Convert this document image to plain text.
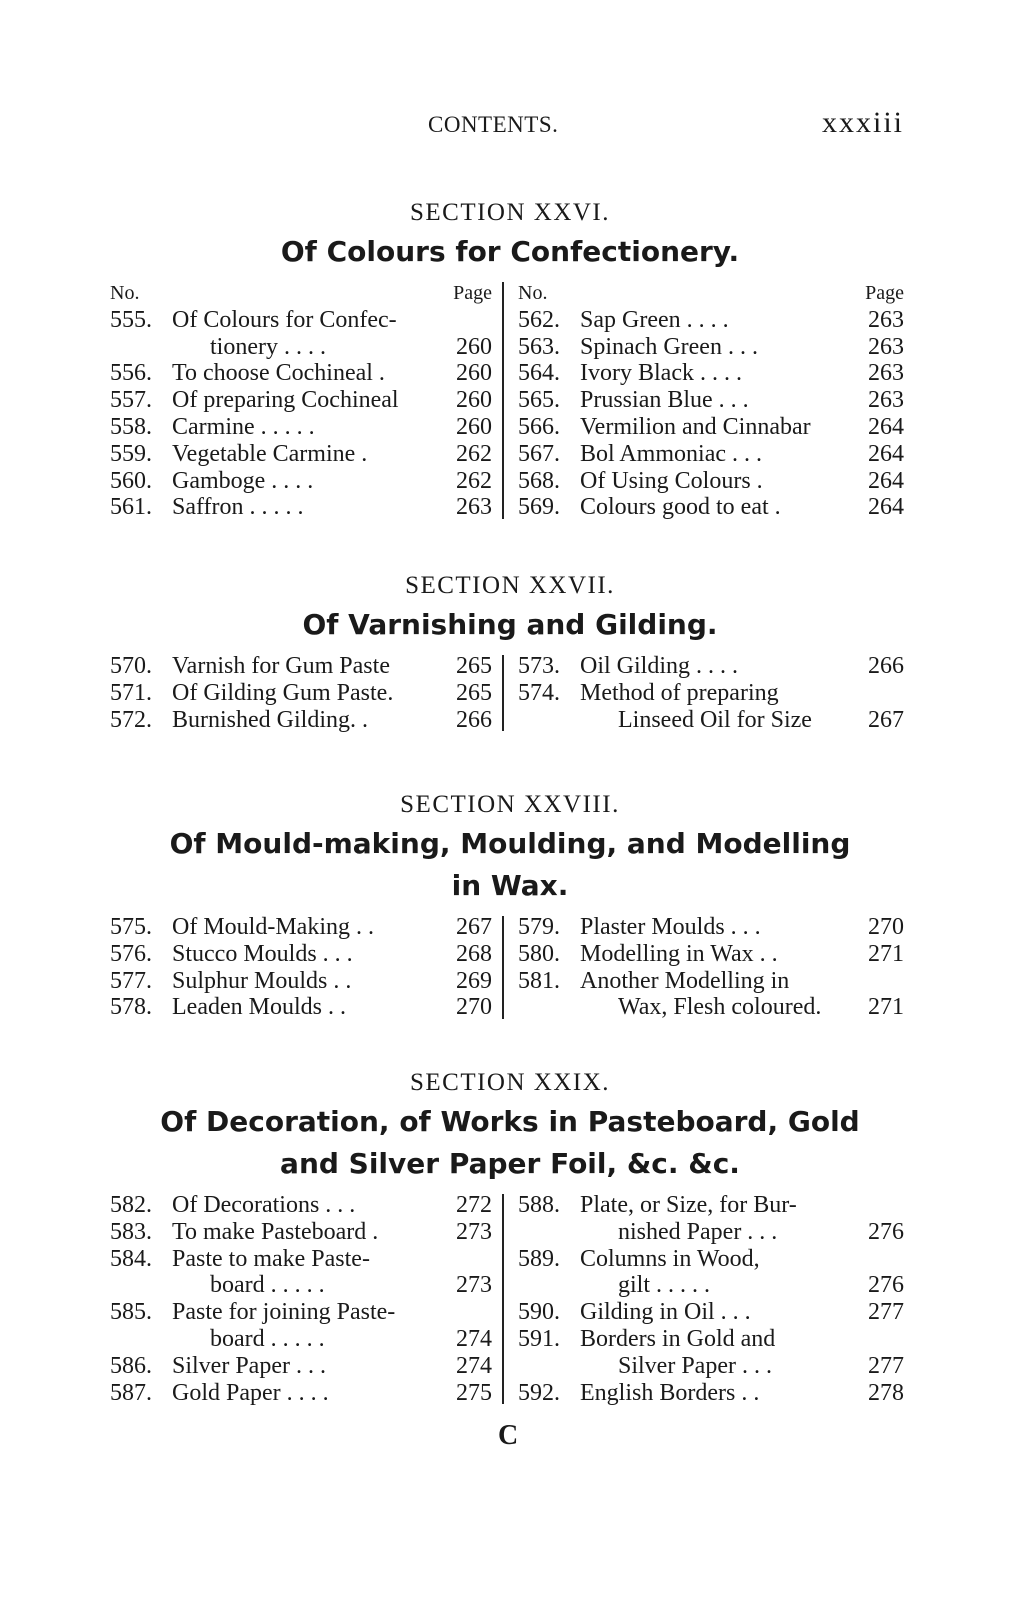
CONTENTS.	xxxiii
SECTION XXVI.
Of Colours for Confectionery.
No.	Page
555. Of Colours for Confec-
tionery . . . .	260
556. To choose Cochineal .	260
557. Of preparing Cochineal 260
558. Carmine . . . . .	260
559. Vegetable Carmine .	262
560. Gamboge . . . .	262
561. Saffron . . . . .	263
No.	Page
562. Sap Green . . . .	263
563. Spinach Green . . .	263
564. Ivory Black . . . .	263
565. Prussian Blue . . .	263
566. Vermilion and Cinnabar 264
567. Bol Ammoniac . . .	264
568. Of Using Colours .	264
569. Colours good to eat .	264
SECTION XXVII.
Of Varnishing and Gilding.
570. Varnish for Gum Paste	265
571. Of Gilding Gum Paste.	265
572. Burnished Gilding. .	266
573. Oil Gilding . . . .	266
574. Method of preparing
Linseed Oil for Size 267
SECTION XXVIII.
Of Mould-making, Moulding, and Modelling
in Wax.
575. Of Mould-Making . .	267
576. Stucco Moulds . . .	268
577. Sulphur Moulds . .	269
578. Leaden Moulds . .	270
579. Plaster Moulds . . .	270
580. Modelling in Wax . .	271
581. Another Modelling in
Wax, Flesh coloured. 271
SECTION XXIX.
Of Decoration, of Works in Pasteboard, Gold
and Silver Paper Foil, &c. &c.
582. Of Decorations . . .	272
583. To make Pasteboard .	273
584. Paste to make Paste-
board . . . . .	273
585. Paste for joining Paste-
board . . . . .	274
586. Silver Paper . . .	274
587. Gold Paper . . . .	275
588. Plate, or Size, for Bur-
nished Paper . . .	276
589. Columns in Wood,
gilt . . . . .	276
590. Gilding in Oil . . .	277
591. Borders in Gold and
Silver Paper . . .	277
592. English Borders . .	278
C
